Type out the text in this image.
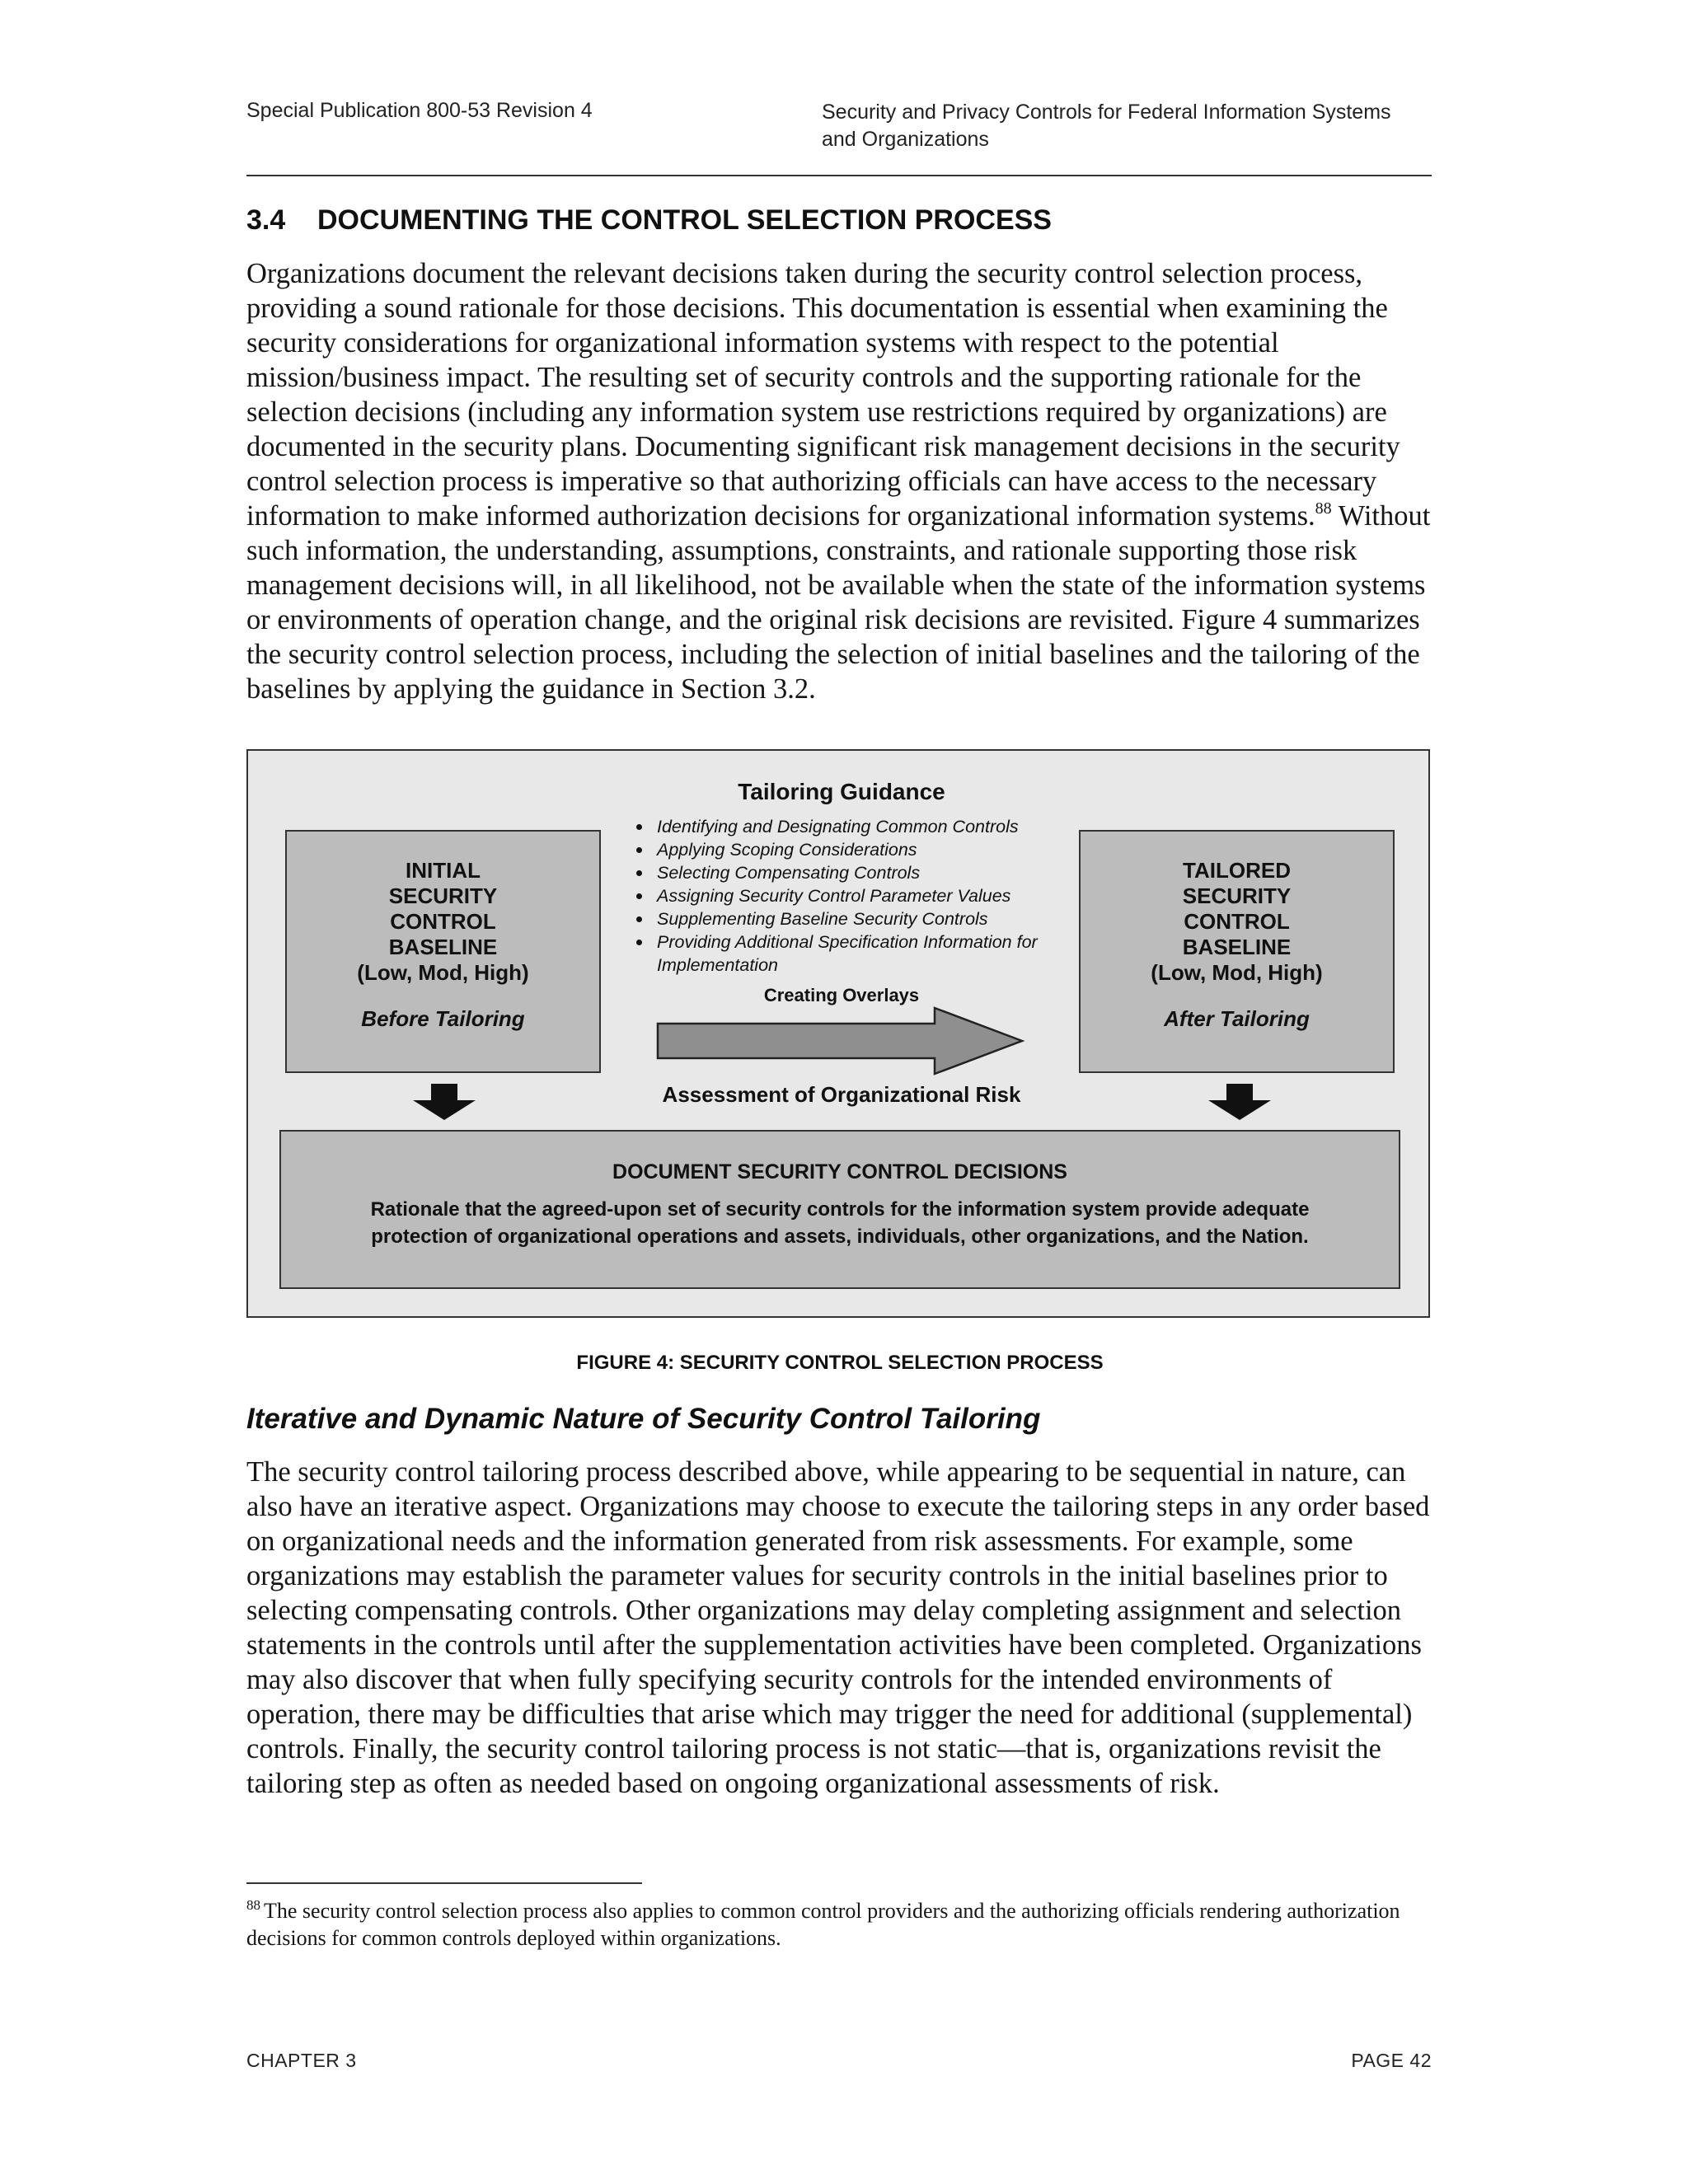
Special Publication 800-53 Revision 4	Security and Privacy Controls for Federal Information Systems
and Organizations
3.4 DOCUMENTING THE CONTROL SELECTION PROCESS

Organizations document the relevant decisions taken during the security control selection process, providing a sound rationale for those decisions. This documentation is essential when examining the security considerations for organizational information systems with respect to the potential mission/business impact. The resulting set of security controls and the supporting rationale for the selection decisions (including any information system use restrictions required by organizations) are documented in the security plans. Documenting significant risk management decisions in the security control selection process is imperative so that authorizing officials can have access to the necessary information to make informed authorization decisions for organizational information systems.$^{88}$ Without such information, the understanding, assumptions, constraints, and rationale supporting those risk management decisions will, in all likelihood, not be available when the state of the information systems or environments of operation change, and the original risk decisions are revisited. Figure 4 summarizes the security control selection process, including the selection of initial baselines and the tailoring of the baselines by applying the guidance in Section 3.2.

INITIAL
SECURITY
CONTROL
BASELINE
(Low, Mod, High)
Before Tailoring
Tailoring Guidance
Identifying and Designating Common Controls
Applying Scoping Considerations
Selecting Compensating Controls
Assigning Security Control Parameter Values
Supplementing Baseline Security Controls
Providing Additional Specification Information for Implementation
Creating Overlays
TAILORED
SECURITY
CONTROL
BASELINE
(Low, Mod, High)
After Tailoring
Assessment of Organizational Risk
DOCUMENT SECURITY CONTROL DECISIONS
Rationale that the agreed-upon set of security controls for the information system provide adequate protection of organizational operations and assets, individuals, other organizations, and the Nation.
FIGURE 4: SECURITY CONTROL SELECTION PROCESS
Iterative and Dynamic Nature of Security Control Tailoring

The security control tailoring process described above, while appearing to be sequential in nature, can also have an iterative aspect. Organizations may choose to execute the tailoring steps in any order based on organizational needs and the information generated from risk assessments. For example, some organizations may establish the parameter values for security controls in the initial baselines prior to selecting compensating controls. Other organizations may delay completing assignment and selection statements in the controls until after the supplementation activities have been completed. Organizations may also discover that when fully specifying security controls for the intended environments of operation, there may be difficulties that arise which may trigger the need for additional (supplemental) controls. Finally, the security control tailoring process is not static—that is, organizations revisit the tailoring step as often as needed based on ongoing organizational assessments of risk.

$^{88}$ The security control selection process also applies to common control providers and the authorizing officials rendering authorization decisions for common controls deployed within organizations.

CHAPTER 3	PAGE 42
